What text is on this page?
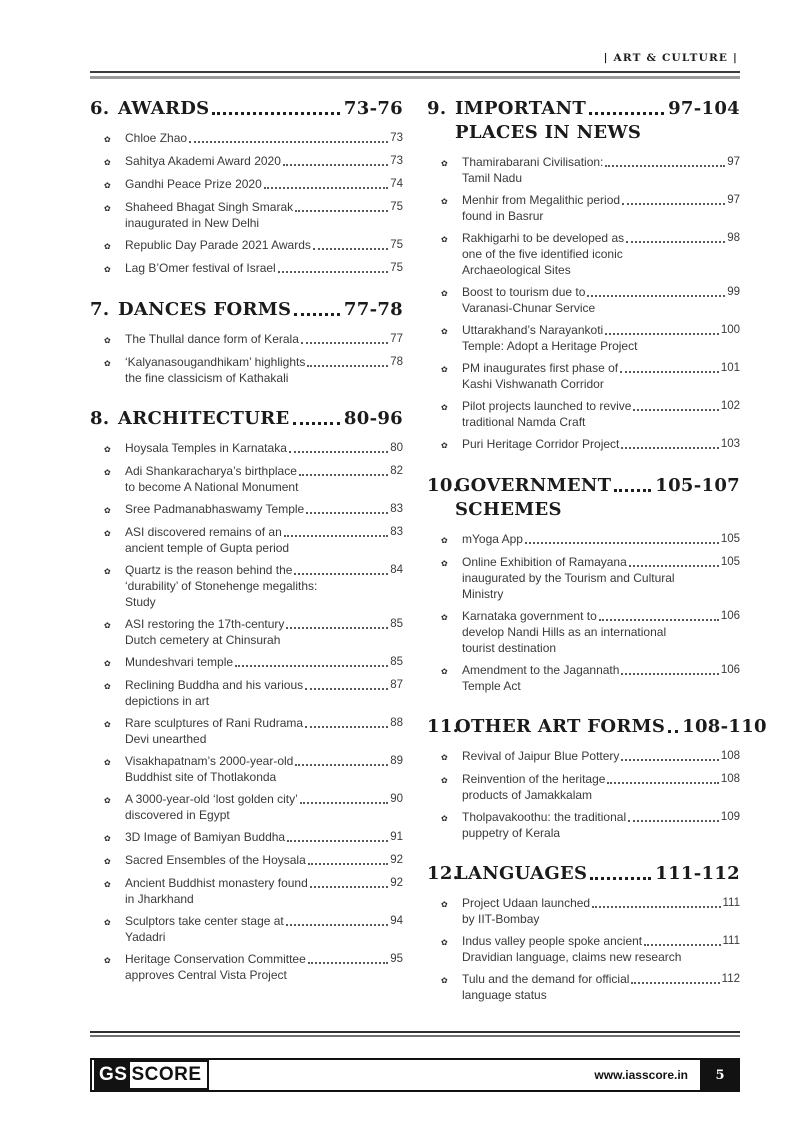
| ART & CULTURE |
6. AWARDS	73-76
✿	Chloe Zhao	73
✿	Sahitya Akademi Award 2020	73
✿	Gandhi Peace Prize 2020	74
✿	Shaheed Bhagat Singh Smarak	75
inaugurated in New Delhi
✿	Republic Day Parade 2021 Awards	75
✿	Lag B’Omer festival of Israel	75
7. DANCES FORMS	77-78
✿	The Thullal dance form of Kerala	77
✿	‘Kalyanasougandhikam’ highlights	78
the fine classicism of Kathakali
8. ARCHITECTURE	80-96
✿	Hoysala Temples in Karnataka	80
✿	Adi Shankaracharya’s birthplace	82
to become A National Monument
✿	Sree Padmanabhaswamy Temple	83
✿	ASI discovered remains of an	83
ancient temple of Gupta period
✿	Quartz is the reason behind the	84
‘durability’ of Stonehenge megaliths:
Study
✿	ASI restoring the 17th-century	85
Dutch cemetery at Chinsurah
✿	Mundeshvari temple	85
✿	Reclining Buddha and his various	87
depictions in art
✿	Rare sculptures of Rani Rudrama	88
Devi unearthed
✿	Visakhapatnam’s 2000-year-old	89
Buddhist site of Thotlakonda
✿	A 3000-year-old ‘lost golden city’	90
discovered in Egypt
✿	3D Image of Bamiyan Buddha	91
✿	Sacred Ensembles of the Hoysala	92
✿	Ancient Buddhist monastery found	92
in Jharkhand
✿	Sculptors take center stage at	94
Yadadri
✿	Heritage Conservation Committee	95
approves Central Vista Project
9. IMPORTANT	97-104
PLACES IN NEWS
✿	Thamirabarani Civilisation:	97
Tamil Nadu
✿	Menhir from Megalithic period	97
found in Basrur
✿	Rakhigarhi to be developed as	98
one of the five identified iconic
Archaeological Sites
✿	Boost to tourism due to	99
Varanasi-Chunar Service
✿	Uttarakhand’s Narayankoti	100
Temple: Adopt a Heritage Project
✿	PM inaugurates first phase of	101
Kashi Vishwanath Corridor
✿	Pilot projects launched to revive	102
traditional Namda Craft
✿	Puri Heritage Corridor Project	103
10.
GOVERNMENT 105-107
SCHEMES
✿	mYoga App	105
✿	Online Exhibition of Ramayana	105
inaugurated by the Tourism and Cultural
Ministry
✿	Karnataka government to	106
develop Nandi Hills as an international
tourist destination
✿	Amendment to the Jagannath	106
Temple Act
11.
OTHER ART FORMS 108-110
✿	Revival of Jaipur Blue Pottery	108
✿	Reinvention of the heritage	108
products of Jamakkalam
✿	Tholpavakoothu: the traditional	109
puppetry of Kerala
12.
LANGUAGES	111-112
✿	Project Udaan launched	111
by IIT-Bombay
✿	Indus valley people spoke ancient	111
Dravidian language, claims new research
✿	Tulu and the demand for official	112
language status
GS SCORE	www.iasscore.in	5
